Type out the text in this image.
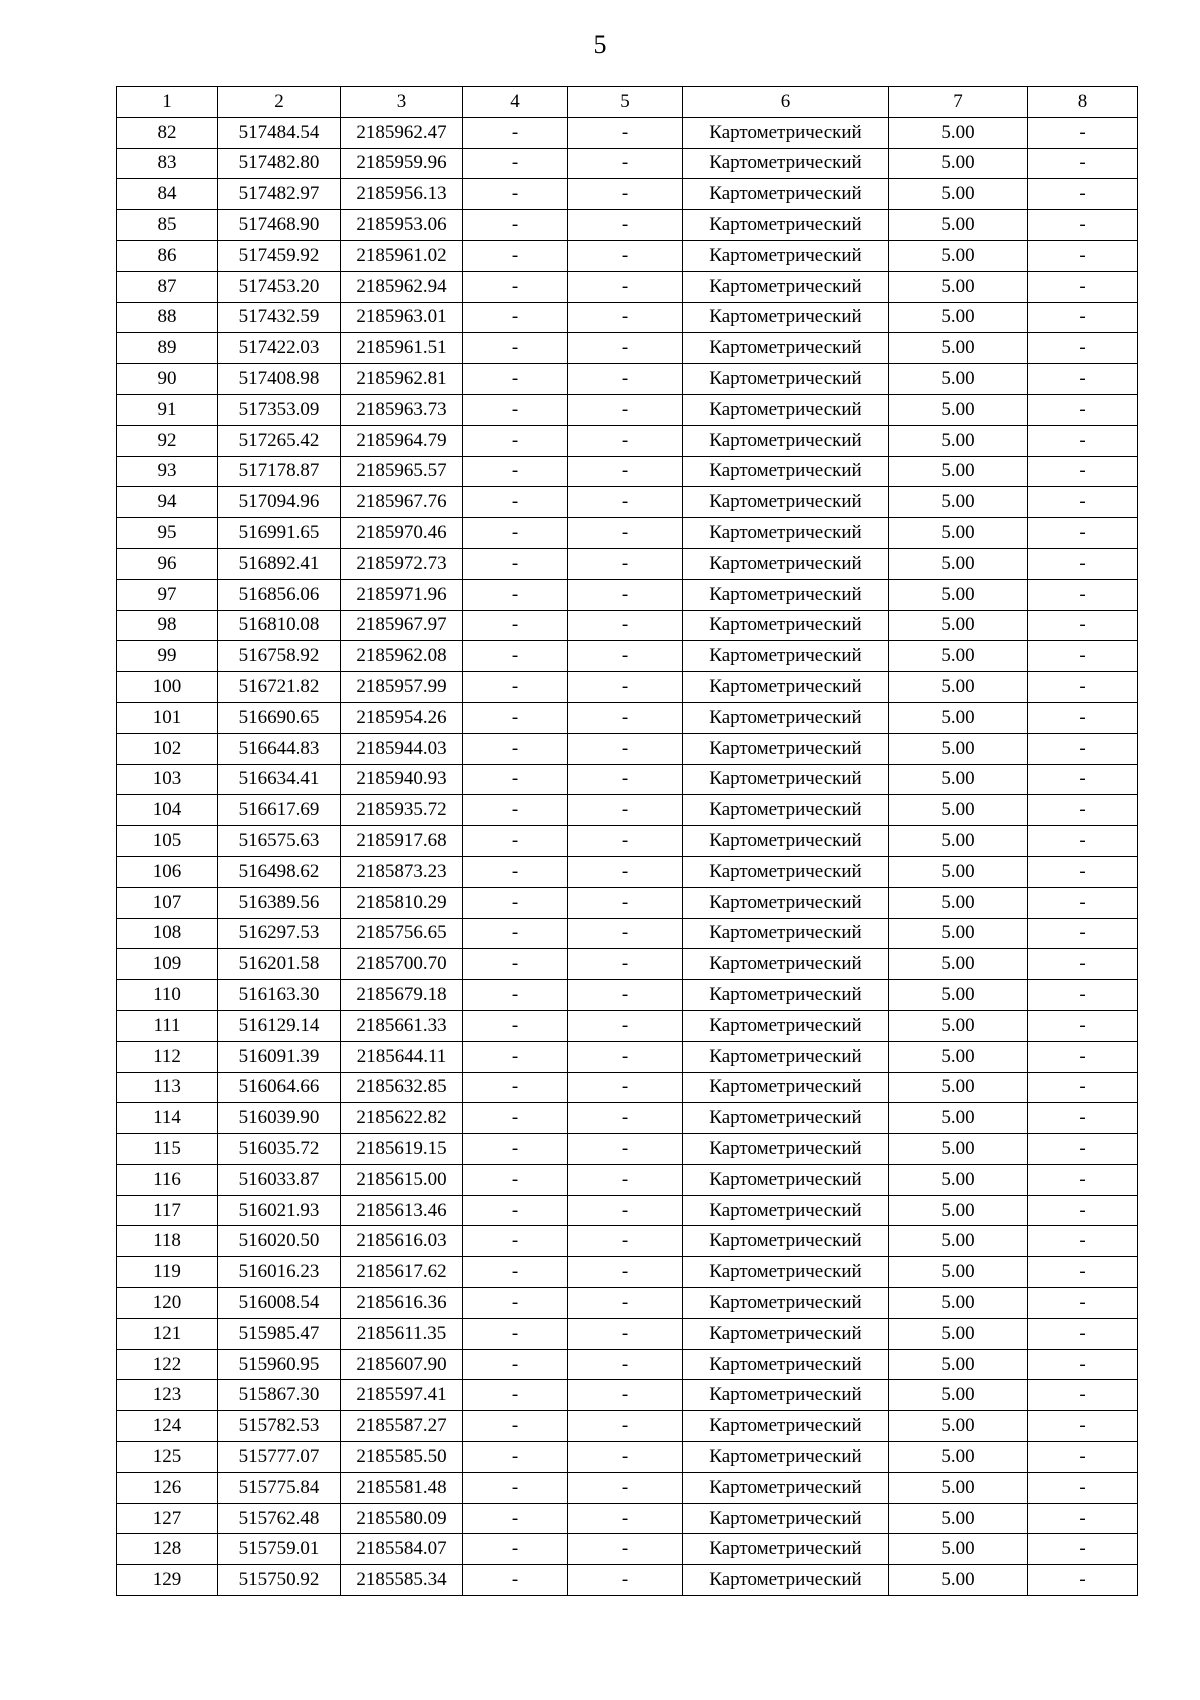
5
1	2	3	4	5	6	7	8
82	517484.54	2185962.47	-	-	Картометрический	5.00	-
83	517482.80	2185959.96	-	-	Картометрический	5.00	-
84	517482.97	2185956.13	-	-	Картометрический	5.00	-
85	517468.90	2185953.06	-	-	Картометрический	5.00	-
86	517459.92	2185961.02	-	-	Картометрический	5.00	-
87	517453.20	2185962.94	-	-	Картометрический	5.00	-
88	517432.59	2185963.01	-	-	Картометрический	5.00	-
89	517422.03	2185961.51	-	-	Картометрический	5.00	-
90	517408.98	2185962.81	-	-	Картометрический	5.00	-
91	517353.09	2185963.73	-	-	Картометрический	5.00	-
92	517265.42	2185964.79	-	-	Картометрический	5.00	-
93	517178.87	2185965.57	-	-	Картометрический	5.00	-
94	517094.96	2185967.76	-	-	Картометрический	5.00	-
95	516991.65	2185970.46	-	-	Картометрический	5.00	-
96	516892.41	2185972.73	-	-	Картометрический	5.00	-
97	516856.06	2185971.96	-	-	Картометрический	5.00	-
98	516810.08	2185967.97	-	-	Картометрический	5.00	-
99	516758.92	2185962.08	-	-	Картометрический	5.00	-
100	516721.82	2185957.99	-	-	Картометрический	5.00	-
101	516690.65	2185954.26	-	-	Картометрический	5.00	-
102	516644.83	2185944.03	-	-	Картометрический	5.00	-
103	516634.41	2185940.93	-	-	Картометрический	5.00	-
104	516617.69	2185935.72	-	-	Картометрический	5.00	-
105	516575.63	2185917.68	-	-	Картометрический	5.00	-
106	516498.62	2185873.23	-	-	Картометрический	5.00	-
107	516389.56	2185810.29	-	-	Картометрический	5.00	-
108	516297.53	2185756.65	-	-	Картометрический	5.00	-
109	516201.58	2185700.70	-	-	Картометрический	5.00	-
110	516163.30	2185679.18	-	-	Картометрический	5.00	-
111	516129.14	2185661.33	-	-	Картометрический	5.00	-
112	516091.39	2185644.11	-	-	Картометрический	5.00	-
113	516064.66	2185632.85	-	-	Картометрический	5.00	-
114	516039.90	2185622.82	-	-	Картометрический	5.00	-
115	516035.72	2185619.15	-	-	Картометрический	5.00	-
116	516033.87	2185615.00	-	-	Картометрический	5.00	-
117	516021.93	2185613.46	-	-	Картометрический	5.00	-
118	516020.50	2185616.03	-	-	Картометрический	5.00	-
119	516016.23	2185617.62	-	-	Картометрический	5.00	-
120	516008.54	2185616.36	-	-	Картометрический	5.00	-
121	515985.47	2185611.35	-	-	Картометрический	5.00	-
122	515960.95	2185607.90	-	-	Картометрический	5.00	-
123	515867.30	2185597.41	-	-	Картометрический	5.00	-
124	515782.53	2185587.27	-	-	Картометрический	5.00	-
125	515777.07	2185585.50	-	-	Картометрический	5.00	-
126	515775.84	2185581.48	-	-	Картометрический	5.00	-
127	515762.48	2185580.09	-	-	Картометрический	5.00	-
128	515759.01	2185584.07	-	-	Картометрический	5.00	-
129	515750.92	2185585.34	-	-	Картометрический	5.00	-
